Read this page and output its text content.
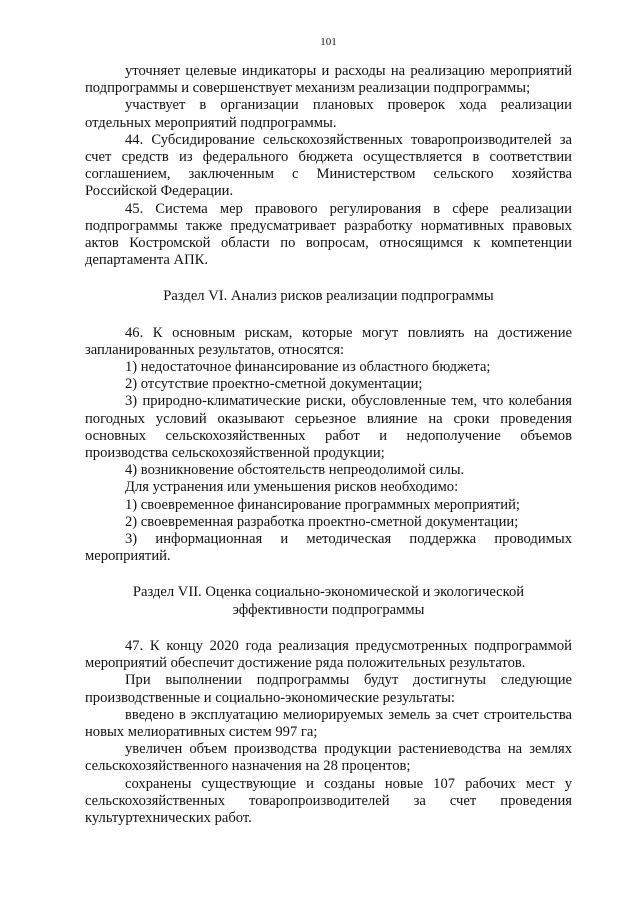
101

уточняет целевые индикаторы и расходы на реализацию мероприятий подпрограммы и совершенствует механизм реализации подпрограммы;

участвует в организации плановых проверок хода реализации отдельных мероприятий подпрограммы.

44. Субсидирование сельскохозяйственных товаропроизводителей за счет средств из федерального бюджета осуществляется в соответствии соглашением, заключенным с Министерством сельского хозяйства Российской Федерации.

45. Система мер правового регулирования в сфере реализации подпрограммы также предусматривает разработку нормативных правовых актов Костромской области по вопросам, относящимся к компетенции департамента АПК.

Раздел VI. Анализ рисков реализации подпрограммы

46. К основным рискам, которые могут повлиять на достижение запланированных результатов, относятся:

1) недостаточное финансирование из областного бюджета;

2) отсутствие проектно-сметной документации;

3) природно-климатические риски, обусловленные тем, что колебания погодных условий оказывают серьезное влияние на сроки проведения основных сельскохозяйственных работ и недополучение объемов производства сельскохозяйственной продукции;

4) возникновение обстоятельств непреодолимой силы.

Для устранения или уменьшения рисков необходимо:

1) своевременное финансирование программных мероприятий;

2) своевременная разработка проектно-сметной документации;

3) информационная и методическая поддержка проводимых мероприятий.

Раздел VII. Оценка социально-экономической и экологической

эффективности подпрограммы

47. К концу 2020 года реализация предусмотренных подпрограммой мероприятий обеспечит достижение ряда положительных результатов.

При выполнении подпрограммы будут достигнуты следующие производственные и социально-экономические результаты:

введено в эксплуатацию мелиорируемых земель за счет строительства новых мелиоративных систем 997 га;

увеличен объем производства продукции растениеводства на землях сельскохозяйственного назначения на 28 процентов;

сохранены существующие и созданы новые 107 рабочих мест у сельскохозяйственных товаропроизводителей за счет проведения культуртехнических работ.
